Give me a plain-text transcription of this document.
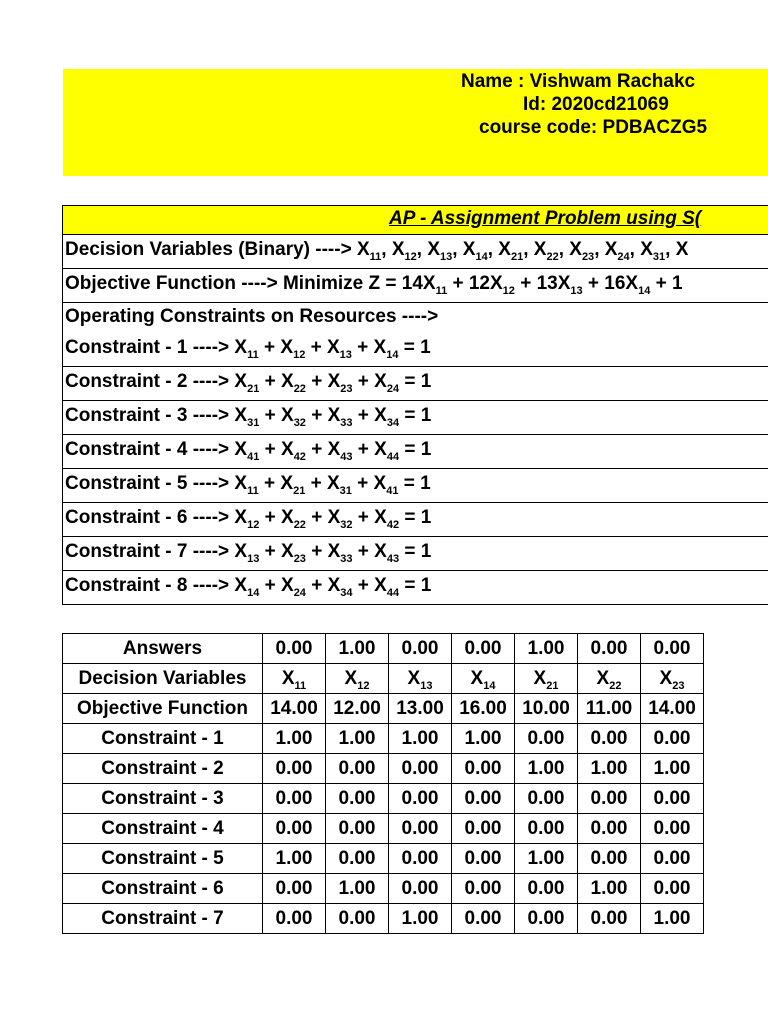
Name : Vishwam Rachakc
Id: 2020cd21069
course code: PDBACZG5
AP - Assignment Problem using S(
Decision Variables (Binary) ----> $X_{11}$, $X_{12}$, $X_{13}$, $X_{14}$, $X_{21}$, $X_{22}$, $X_{23}$, $X_{24}$, $X_{31}$, X
Objective Function ----> Minimize $Z = 14X_{11} + 12X_{12} + 13X_{13} + 16X_{14} + 1$
Operating Constraints on Resources ---->
Constraint - 1 ----> $X_{11} + X_{12} + X_{13} + X_{14} = 1$
Constraint - 2 ----> $X_{21} + X_{22} + X_{23} + X_{24} = 1$
Constraint - 3 ----> $X_{31} + X_{32} + X_{33} + X_{34} = 1$
Constraint - 4 ----> $X_{41} + X_{42} + X_{43} + X_{44} = 1$
Constraint - 5 ----> $X_{11} + X_{21} + X_{31} + X_{41} = 1$
Constraint - 6 ----> $X_{12} + X_{22} + X_{32} + X_{42} = 1$
Constraint - 7 ----> $X_{13} + X_{23} + X_{33} + X_{43} = 1$
Constraint - 8 ----> $X_{14} + X_{24} + X_{34} + X_{44} = 1$
Answers	0.00	1.00	0.00	0.00	1.00	0.00	0.00
Decision Variables	$X_{11}$	$X_{12}$	$X_{13}$	$X_{14}$	$X_{21}$	$X_{22}$	$X_{23}$
Objective Function	14.00	12.00	13.00	16.00	10.00	11.00	14.00
Constraint - 1	1.00	1.00	1.00	1.00	0.00	0.00	0.00
Constraint - 2	0.00	0.00	0.00	0.00	1.00	1.00	1.00
Constraint - 3	0.00	0.00	0.00	0.00	0.00	0.00	0.00
Constraint - 4	0.00	0.00	0.00	0.00	0.00	0.00	0.00
Constraint - 5	1.00	0.00	0.00	0.00	1.00	0.00	0.00
Constraint - 6	0.00	1.00	0.00	0.00	0.00	1.00	0.00
Constraint - 7	0.00	0.00	1.00	0.00	0.00	0.00	1.00
